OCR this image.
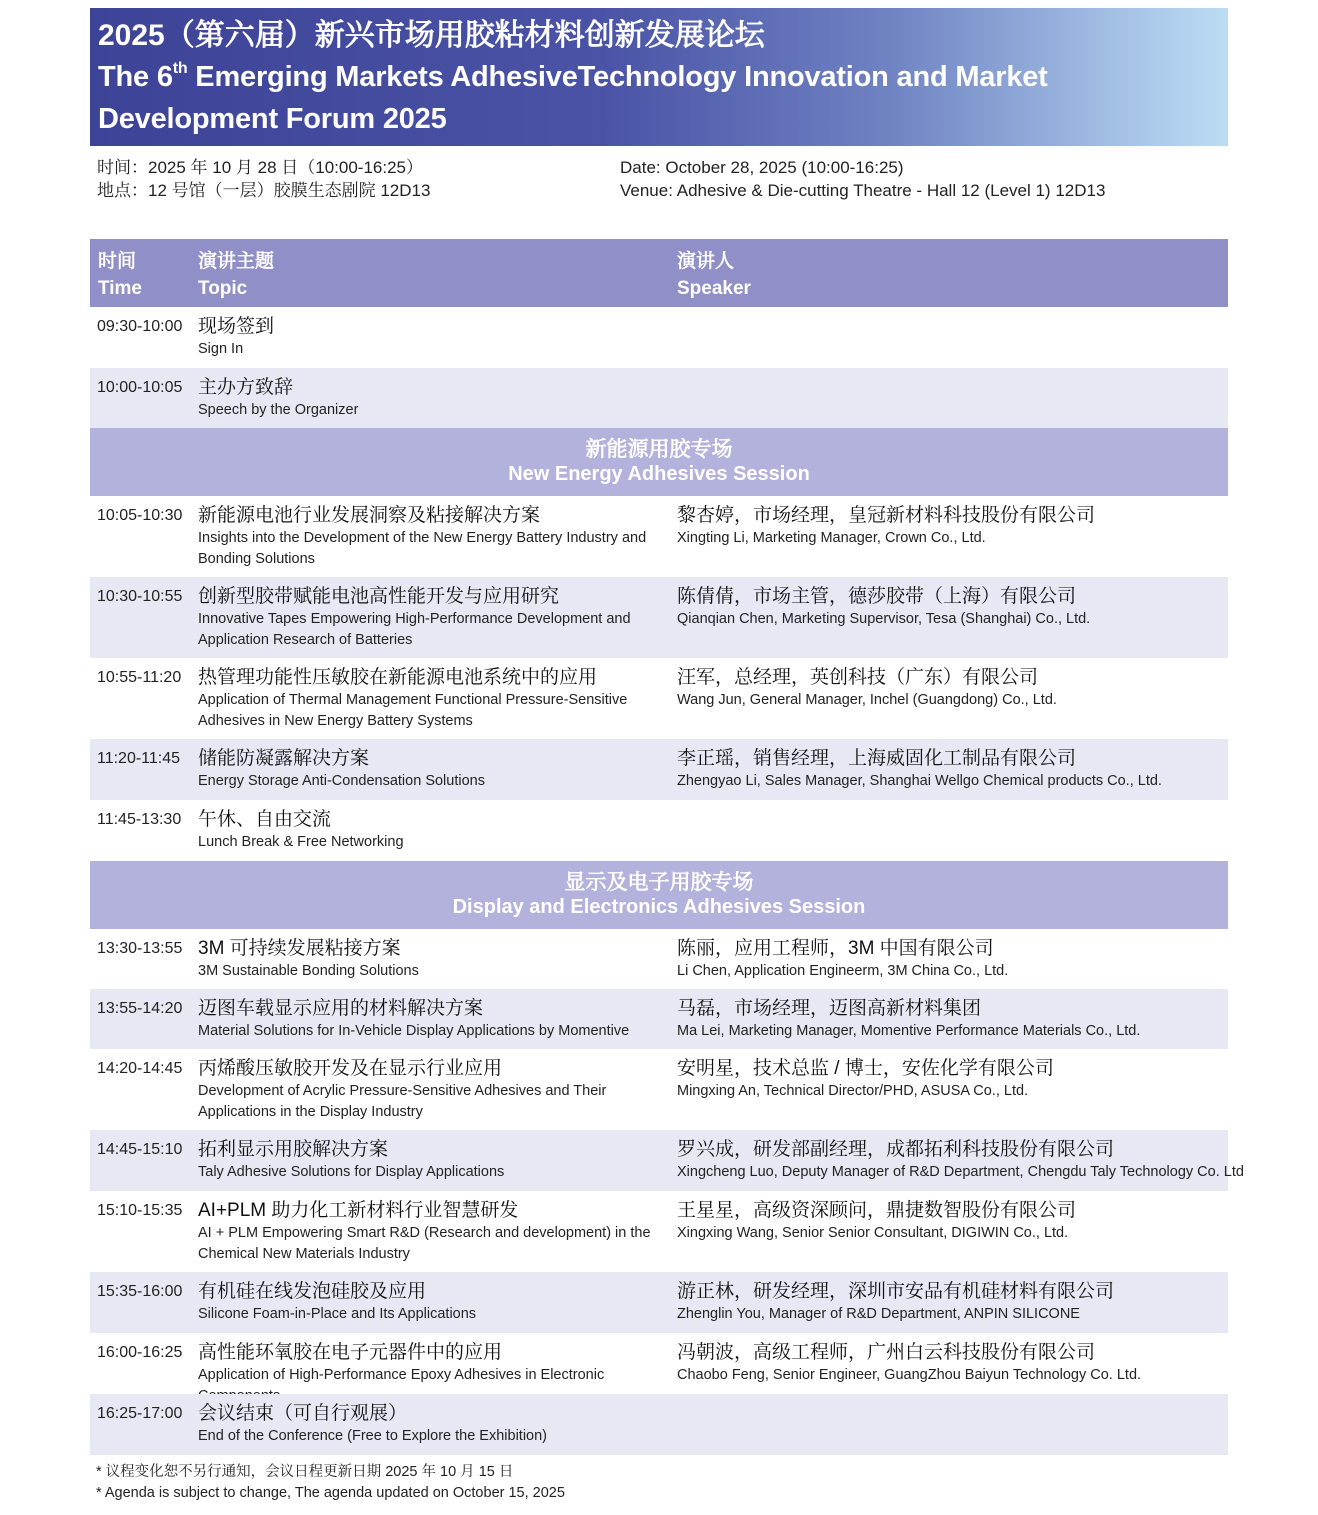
2025（第六届）新兴市场用胶粘材料创新发展论坛
The 6th Emerging Markets AdhesiveTechnology Innovation and Market Development Forum 2025
时间：2025 年 10 月 28 日（10:00-16:25）
地点：12 号馆（一层）胶膜生态剧院 12D13
Date: October 28, 2025 (10:00-16:25)
Venue: Adhesive & Die-cutting Theatre - Hall 12 (Level 1) 12D13
时间
Time
演讲主题
Topic
演讲人
Speaker
09:30-10:00 现场签到
Sign In
10:00-10:05 主办方致辞
Speech by the Organizer
新能源用胶专场
New Energy Adhesives Session
10:05-10:30 新能源电池行业发展洞察及粘接解决方案
Insights into the Development of the New Energy Battery Industry and Bonding Solutions
黎杏婷，市场经理，皇冠新材料科技股份有限公司
Xingting Li, Marketing Manager, Crown Co., Ltd.
10:30-10:55 创新型胶带赋能电池高性能开发与应用研究
Innovative Tapes Empowering High-Performance Development and Application Research of Batteries
陈倩倩，市场主管，德莎胶带（上海）有限公司
Qianqian Chen, Marketing Supervisor, Tesa (Shanghai) Co., Ltd.
10:55-11:20 热管理功能性压敏胶在新能源电池系统中的应用
Application of Thermal Management Functional Pressure-Sensitive Adhesives in New Energy Battery Systems
汪军，总经理，英创科技（广东）有限公司
Wang Jun, General Manager, Inchel (Guangdong) Co., Ltd.
11:20-11:45 储能防凝露解决方案
Energy Storage Anti-Condensation Solutions
李正瑶，销售经理，上海威固化工制品有限公司
Zhengyao Li, Sales Manager, Shanghai Wellgo Chemical products Co., Ltd.
11:45-13:30 午休、自由交流
Lunch Break & Free Networking
显示及电子用胶专场
Display and Electronics Adhesives Session
13:30-13:55 3M 可持续发展粘接方案
3M Sustainable Bonding Solutions
陈丽，应用工程师，3M 中国有限公司
Li Chen, Application Engineerm, 3M China Co., Ltd.
13:55-14:20 迈图车载显示应用的材料解决方案
Material Solutions for In-Vehicle Display Applications by Momentive
马磊，市场经理，迈图高新材料集团
Ma Lei, Marketing Manager, Momentive Performance Materials Co., Ltd.
14:20-14:45 丙烯酸压敏胶开发及在显示行业应用
Development of Acrylic Pressure-Sensitive Adhesives and Their Applications in the Display Industry
安明星，技术总监 / 博士，安佐化学有限公司
Mingxing An, Technical Director/PHD, ASUSA Co., Ltd.
14:45-15:10 拓利显示用胶解决方案
Taly Adhesive Solutions for Display Applications
罗兴成，研发部副经理，成都拓利科技股份有限公司
Xingcheng Luo, Deputy Manager of R&D Department, Chengdu Taly Technology Co. Ltd
15:10-15:35 AI+PLM 助力化工新材料行业智慧研发
AI + PLM Empowering Smart R&D (Research and development) in the Chemical New Materials Industry
王星星，高级资深顾问，鼎捷数智股份有限公司
Xingxing Wang, Senior Senior Consultant, DIGIWIN Co., Ltd.
15:35-16:00 有机硅在线发泡硅胶及应用
Silicone Foam-in-Place and Its Applications
游正林，研发经理，深圳市安品有机硅材料有限公司
Zhenglin You, Manager of R&D Department, ANPIN SILICONE
16:00-16:25 高性能环氧胶在电子元器件中的应用
Application of High-Performance Epoxy Adhesives in Electronic
冯朝波，高级工程师，广州白云科技股份有限公司
Chaobo Feng, Senior Engineer, GuangZhou Baiyun Technology Co. Ltd.
16:25-17:00 会议结束（可自行观展）
End of the Conference (Free to Explore the Exhibition)
* 议程变化恕不另行通知，会议日程更新日期 2025 年 10 月 15 日
* Agenda is subject to change, The agenda updated on October 15, 2025
